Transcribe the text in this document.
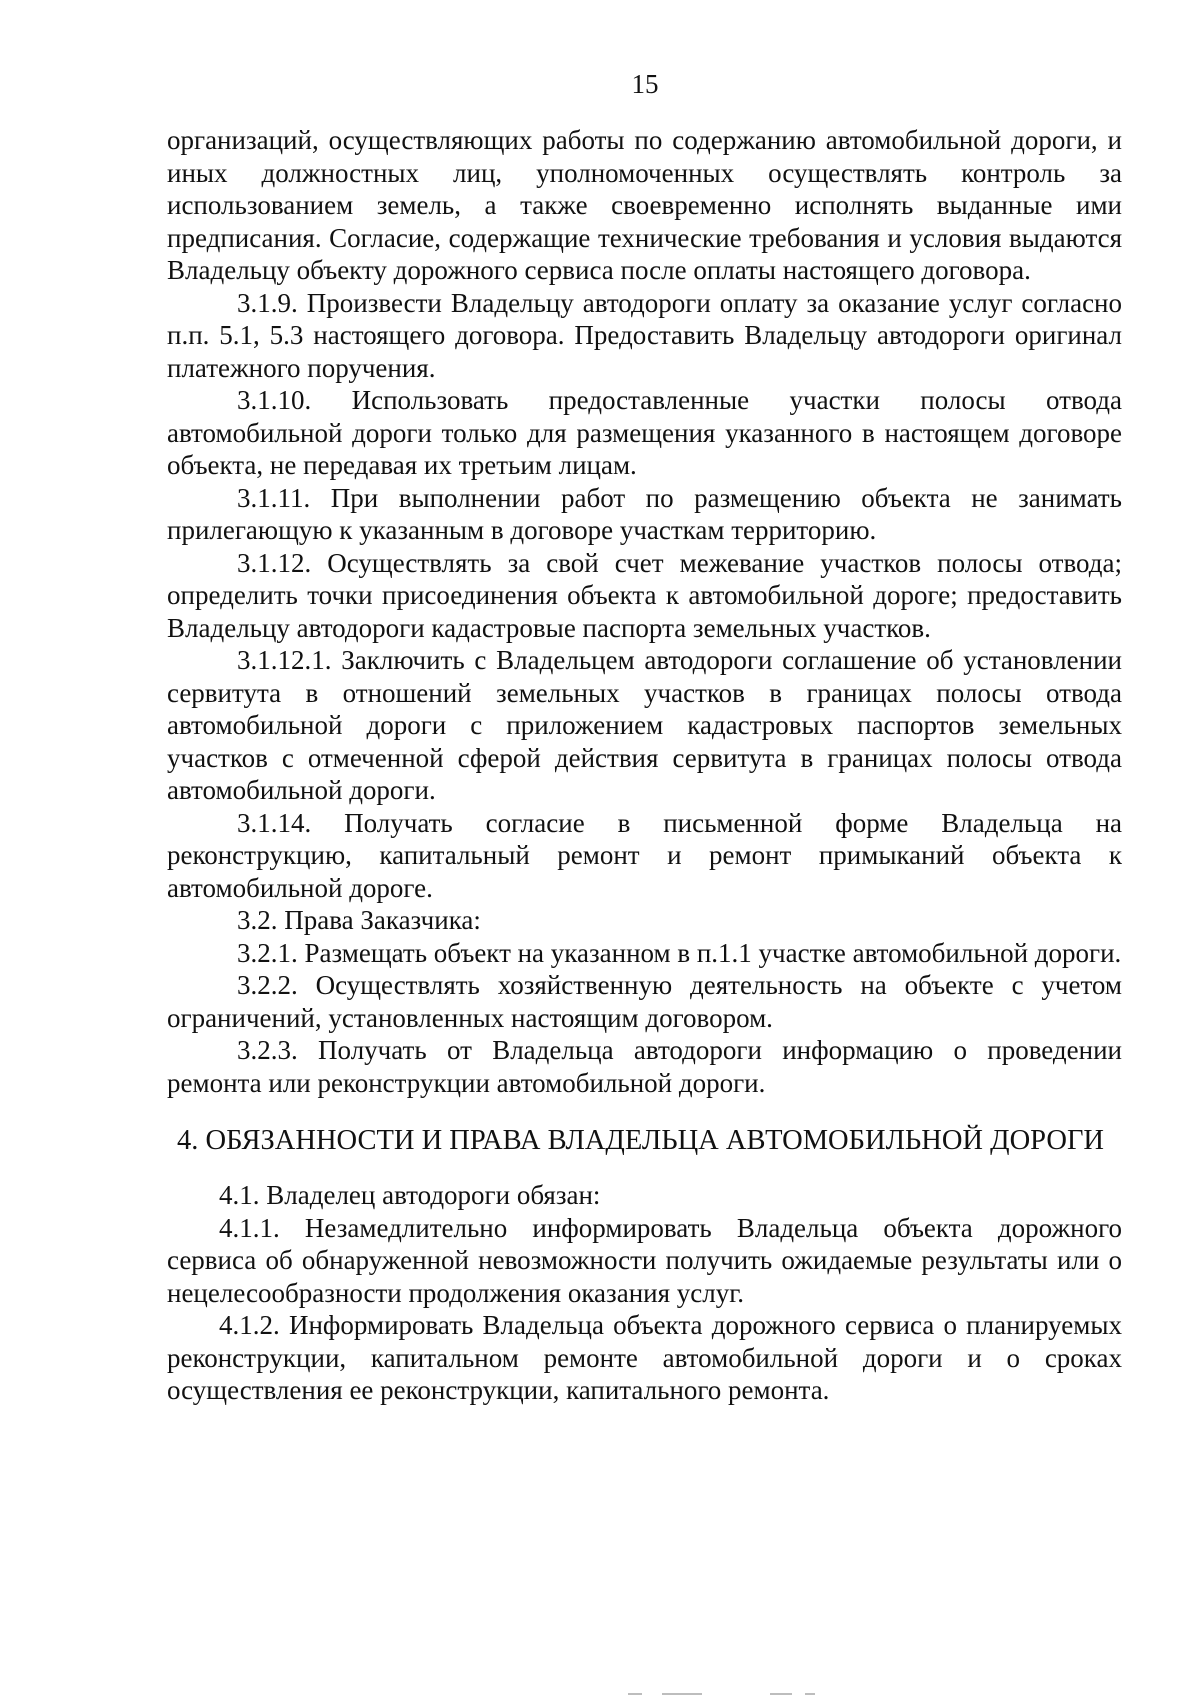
15

организаций, осуществляющих работы по содержанию автомобильной дороги, и иных должностных лиц, уполномоченных осуществлять контроль за использованием земель, а также своевременно исполнять выданные ими предписания. Согласие, содержащие технические требования и условия выдаются Владельцу объекту дорожного сервиса после оплаты настоящего договора.

3.1.9. Произвести Владельцу автодороги оплату за оказание услуг согласно п.п. 5.1, 5.3 настоящего договора. Предоставить Владельцу автодороги оригинал платежного поручения.

3.1.10. Использовать предоставленные участки полосы отвода автомобильной дороги только для размещения указанного в настоящем договоре объекта, не передавая их третьим лицам.

3.1.11. При выполнении работ по размещению объекта не занимать прилегающую к указанным в договоре участкам территорию.

3.1.12. Осуществлять за свой счет межевание участков полосы отвода; определить точки присоединения объекта к автомобильной дороге; предоставить Владельцу автодороги кадастровые паспорта земельных участков.

3.1.12.1. Заключить с Владельцем автодороги соглашение об установлении сервитута в отношений земельных участков в границах полосы отвода автомобильной дороги с приложением кадастровых паспортов земельных участков с отмеченной сферой действия сервитута в границах полосы отвода автомобильной дороги.

3.1.14. Получать согласие в письменной форме Владельца на реконструкцию, капитальный ремонт и ремонт примыканий объекта к автомобильной дороге.

3.2. Права Заказчика:

3.2.1. Размещать объект на указанном в п.1.1 участке автомобильной дороги.

3.2.2. Осуществлять хозяйственную деятельность на объекте с учетом ограничений, установленных настоящим договором.

3.2.3. Получать от Владельца автодороги информацию о проведении ремонта или реконструкции автомобильной дороги.

4. ОБЯЗАННОСТИ И ПРАВА ВЛАДЕЛЬЦА АВТОМОБИЛЬНОЙ ДОРОГИ

4.1. Владелец автодороги обязан:

4.1.1. Незамедлительно информировать Владельца объекта дорожного сервиса об обнаруженной невозможности получить ожидаемые результаты или о нецелесообразности продолжения оказания услуг.

4.1.2. Информировать Владельца объекта дорожного сервиса о планируемых реконструкции, капитальном ремонте автомобильной дороги и о сроках осуществления ее реконструкции, капитального ремонта.
